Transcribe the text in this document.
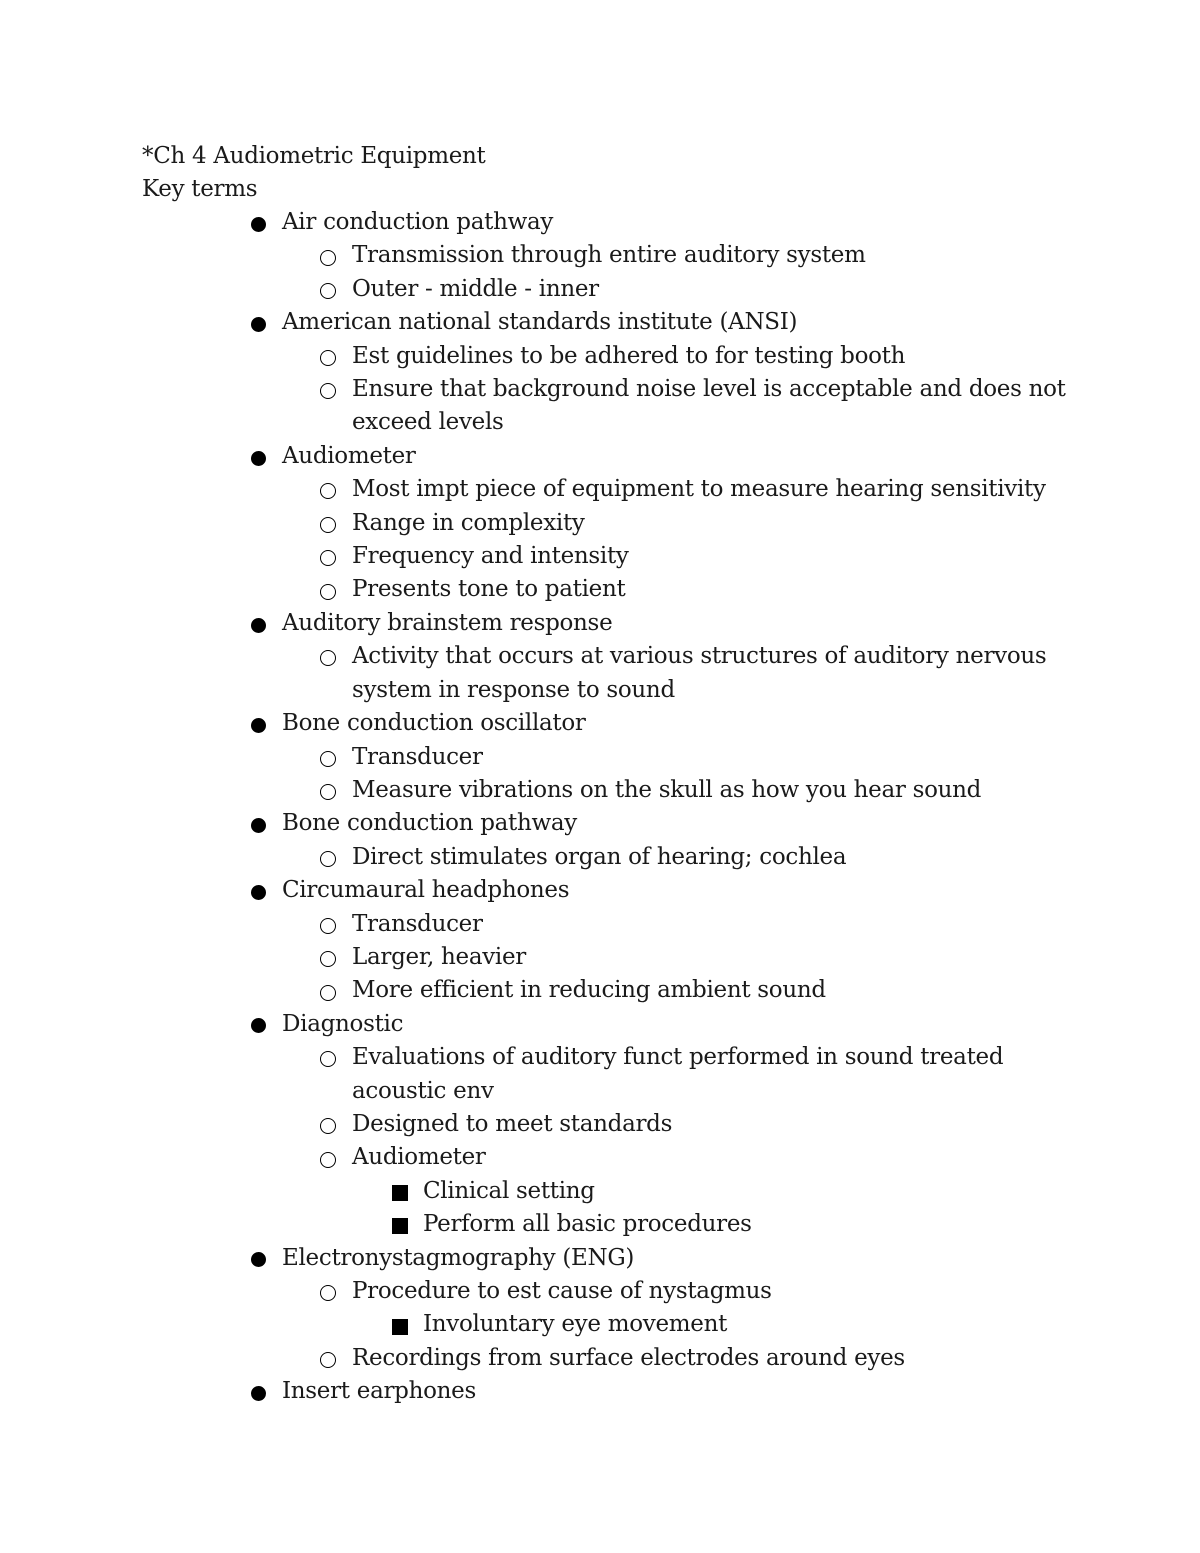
*Ch 4 Audiometric Equipment
Key terms
Air conduction pathway
Transmission through entire auditory system
Outer - middle - inner
American national standards institute (ANSI)
Est guidelines to be adhered to for testing booth
Ensure that background noise level is acceptable and does not exceed levels
Audiometer
Most impt piece of equipment to measure hearing sensitivity
Range in complexity
Frequency and intensity
Presents tone to patient
Auditory brainstem response
Activity that occurs at various structures of auditory nervous system in response to sound
Bone conduction oscillator
Transducer
Measure vibrations on the skull as how you hear sound
Bone conduction pathway
Direct stimulates organ of hearing; cochlea
Circumaural headphones
Transducer
Larger, heavier
More efficient in reducing ambient sound
Diagnostic
Evaluations of auditory funct performed in sound treated acoustic env
Designed to meet standards
Audiometer
Clinical setting
Perform all basic procedures
Electronystagmography (ENG)
Procedure to est cause of nystagmus
Involuntary eye movement
Recordings from surface electrodes around eyes
Insert earphones
